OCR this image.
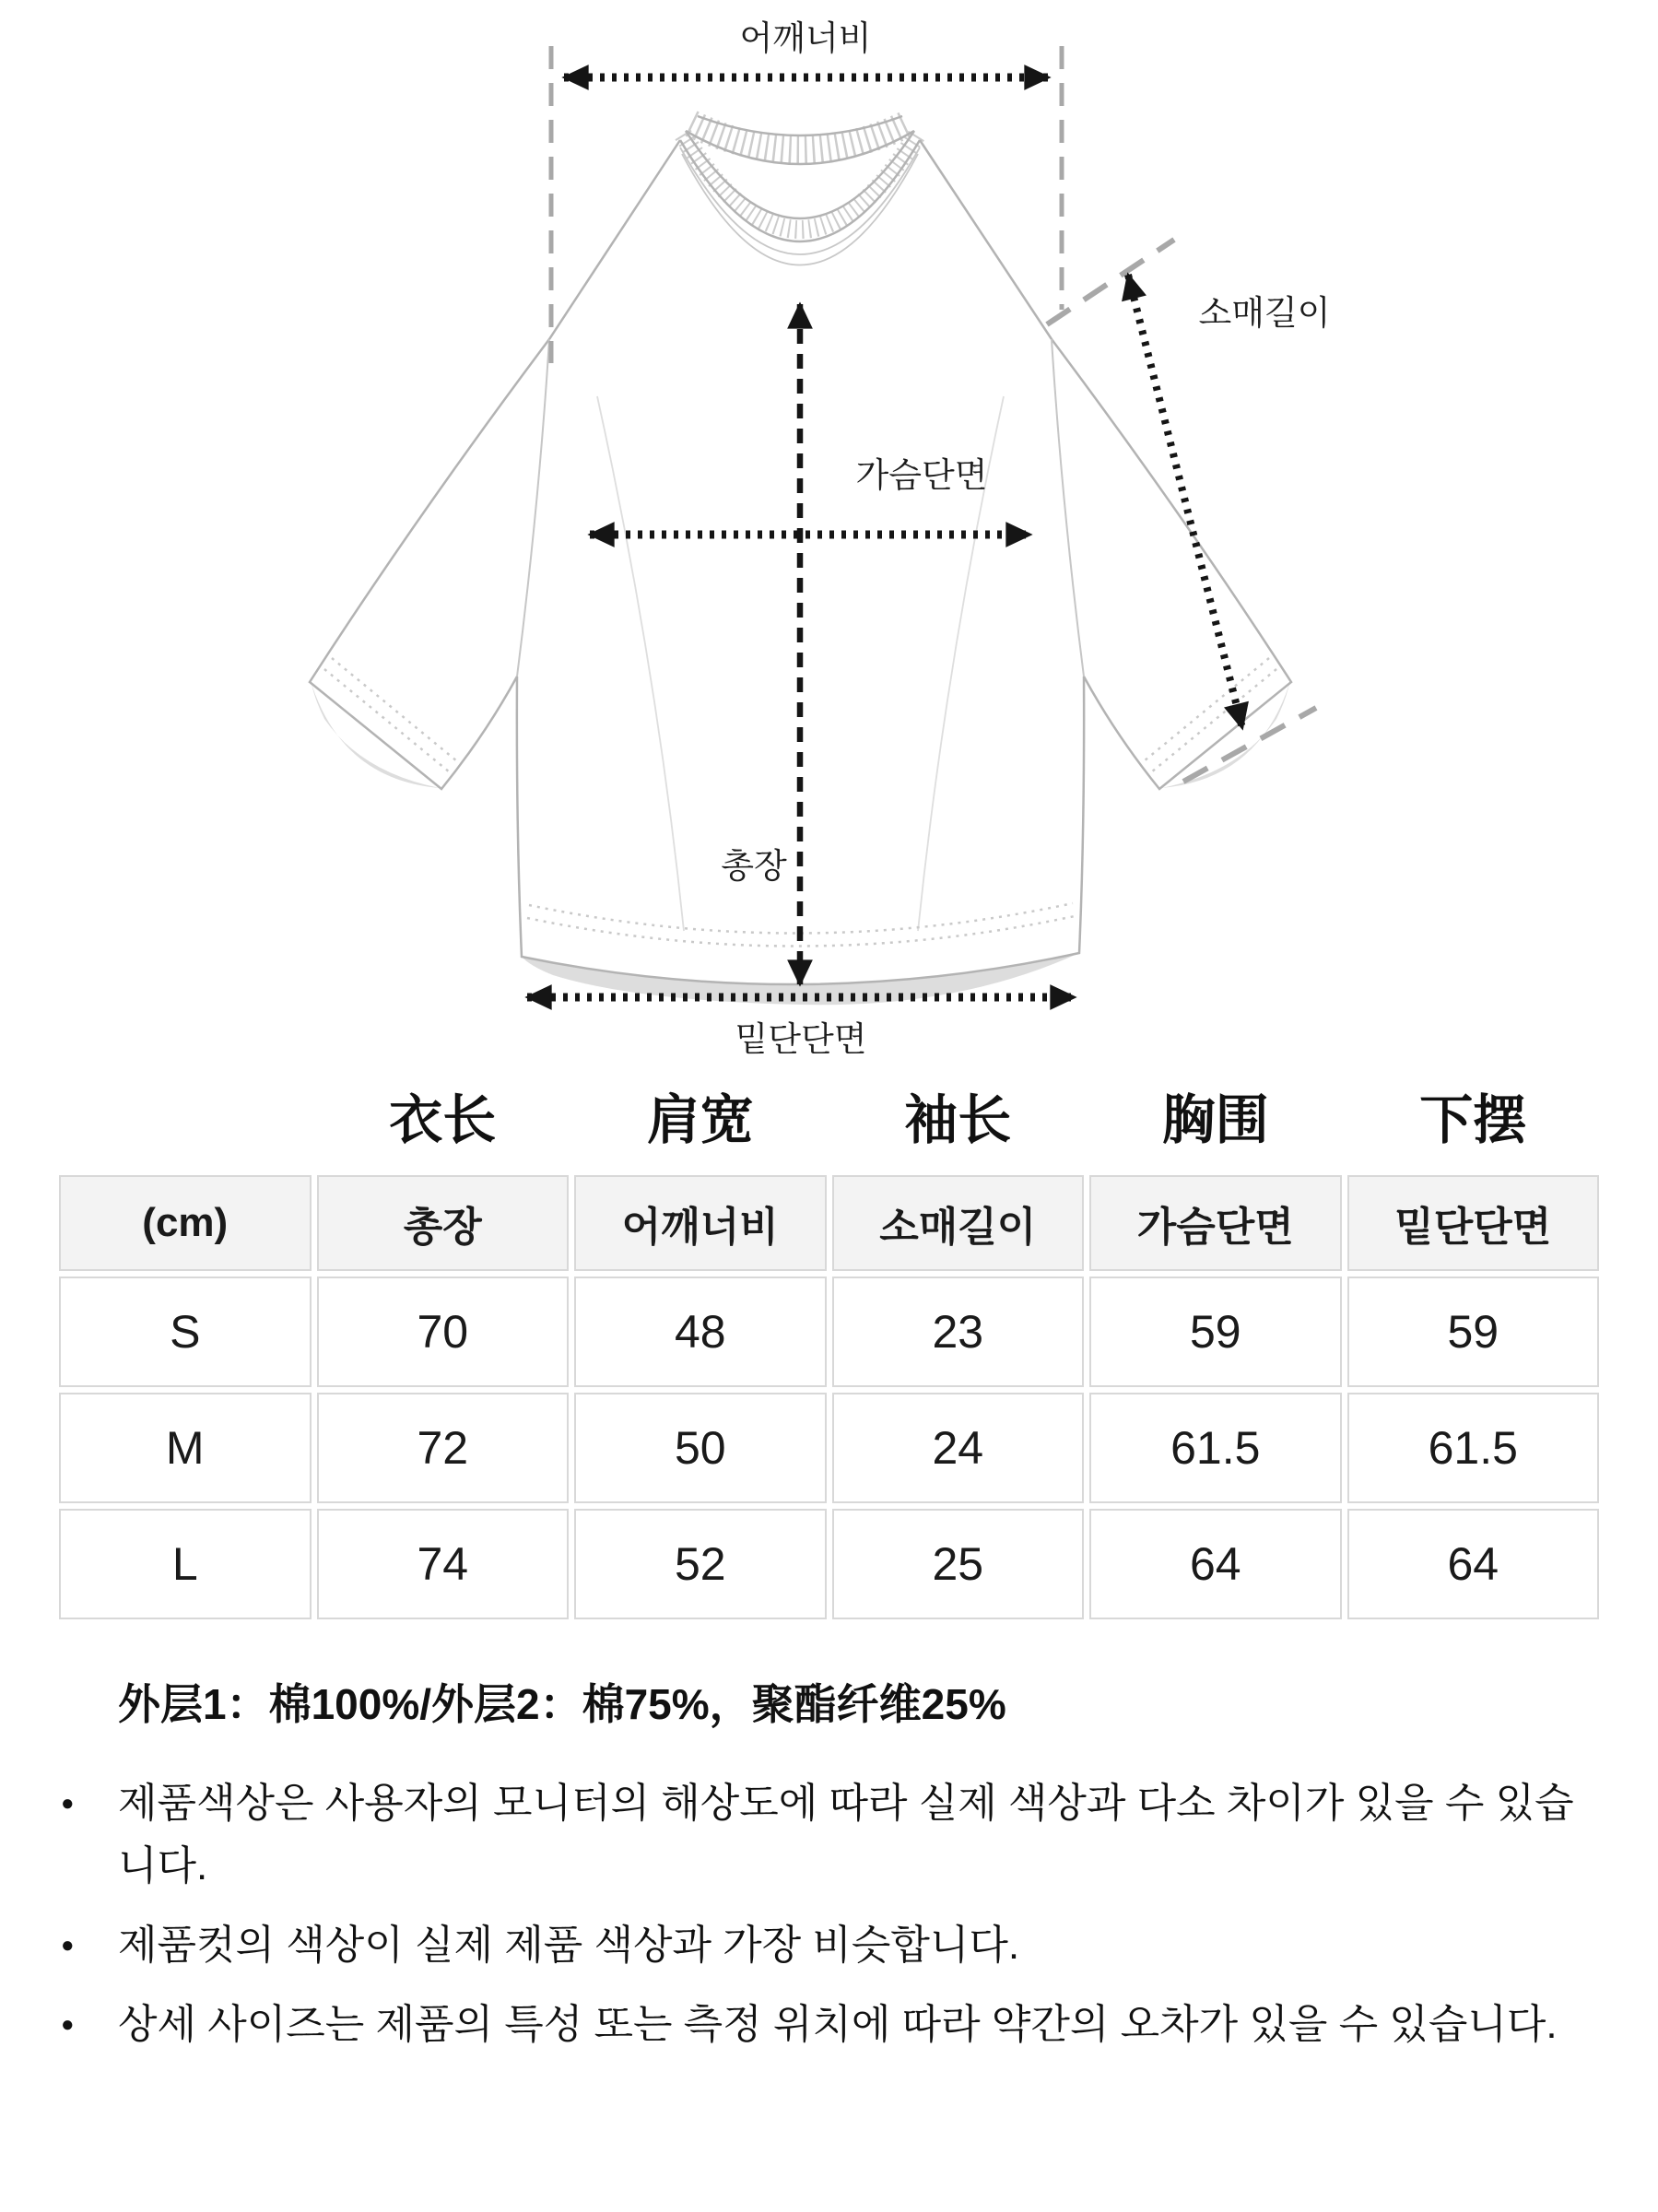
어깨너비
소매길이
가슴단면
총장
밑단단면
	衣长	肩宽	袖长	胸围	下摆
(cm)	총장	어깨너비	소매길이	가슴단면	밑단단면
S	70	48	23	59	59
M	72	50	24	61.5	61.5
L	74	52	25	64	64

外层1：棉100%/外层2：棉75%，聚酯纤维25%

● 제품색상은 사용자의 모니터의 해상도에 따라 실제 색상과 다소 차이가 있을 수 있습니다.
● 제품컷의 색상이 실제 제품 색상과 가장 비슷합니다.
● 상세 사이즈는 제품의 특성 또는 측정 위치에 따라 약간의 오차가 있을 수 있습니다.
